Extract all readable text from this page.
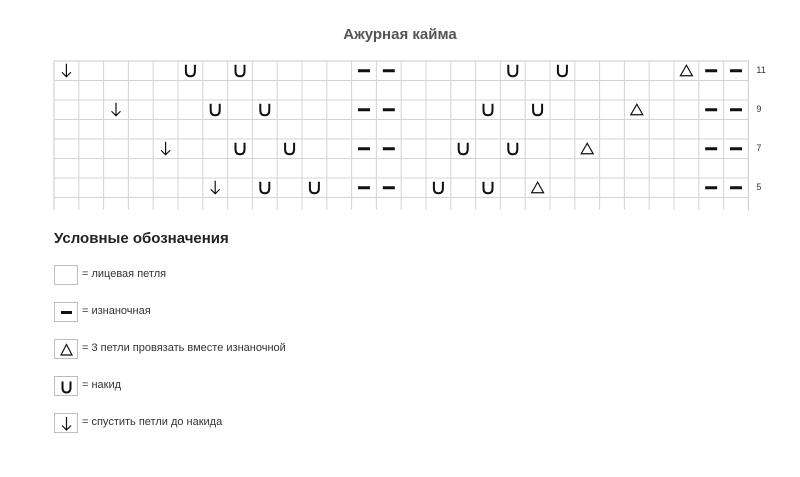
Ажурная кайма
11
9
7
5
Условные обозначения
= лицевая петля
= изнаночная
= 3 петли провязать вместе изнаночной
= накид
= спустить петли до накида
